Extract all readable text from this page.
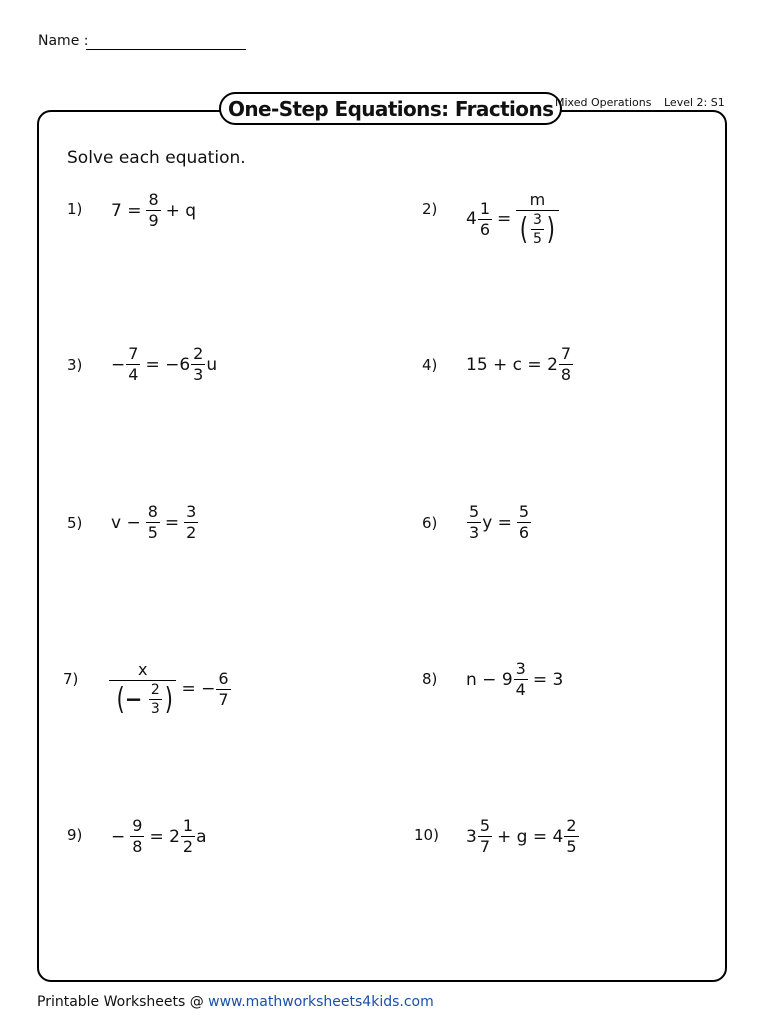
Name :
One-Step Equations: Fractions Mixed Operations Level 2: S1
Solve each equation.
1) $7 = \frac{8}{9} + q$	2) $4 \frac{1}{6} = \frac{m}{( \frac{3}{5} )}$
$3) - \frac{7}{4} = -6 \frac{2}{3}$ u	4) $15 + c = 2 \frac{7}{8}$
5) $v - \frac{8}{5} = \frac{3}{2}$	$6) \frac{5}{3}$ $y = \frac{5}{6}$
$7) \frac{x}{(- \frac{2}{3} )}$ = − $\frac{6}{7}$	8) $n - 9 \frac{3}{4} = 3$
$9) - \frac{9}{8} = 2 \frac{1}{2}$ a	10) $3 \frac{5}{7} + g = 4 \frac{2}{5}$
Printable Worksheets @ www.mathworksheets4kids.com
